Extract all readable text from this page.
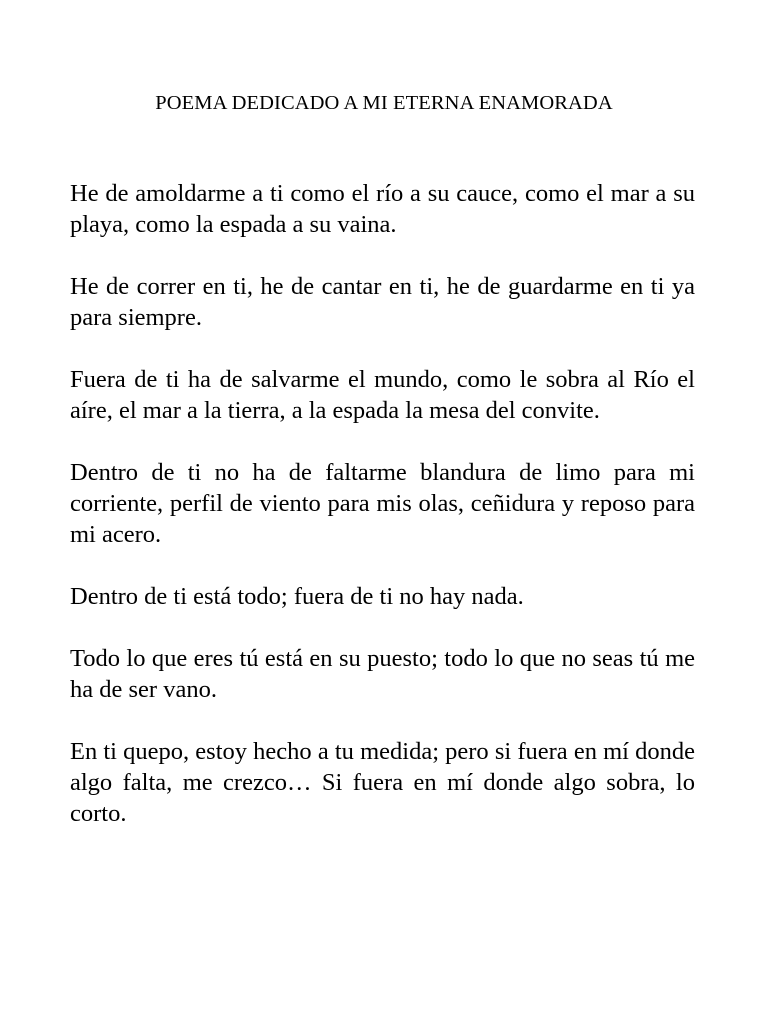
POEMA DEDICADO A MI ETERNA ENAMORADA

He de amoldarme a ti como el río a su cauce, como el mar a su playa, como la espada a su vaina.

He de correr en ti, he de cantar en ti, he de guardarme en ti ya para siempre.

Fuera de ti ha de salvarme el mundo, como le sobra al Río el aíre, el mar a la tierra, a la espada la mesa del convite.

Dentro de ti no ha de faltarme blandura de limo para mi corriente, perfil de viento para mis olas, ceñidura y reposo para mi acero.

Dentro de ti está todo; fuera de ti no hay nada.

Todo lo que eres tú está en su puesto; todo lo que no seas tú me ha de ser vano.

En ti quepo, estoy hecho a tu medida; pero si fuera en mí donde algo falta, me crezco… Si fuera en mí donde algo sobra, lo corto.
